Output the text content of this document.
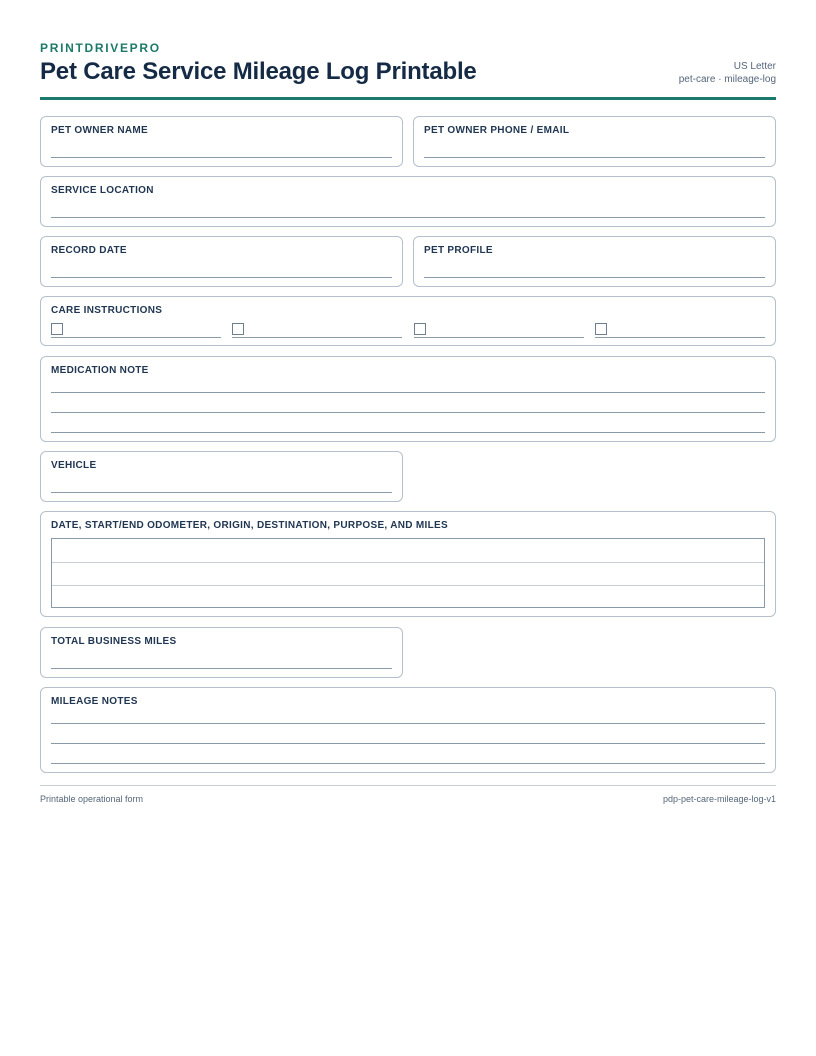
PRINTDRIVEPRO
Pet Care Service Mileage Log Printable	US Letter
pet-care · mileage-log
PET OWNER NAME	PET OWNER PHONE / EMAIL
SERVICE LOCATION
RECORD DATE	PET PROFILE
CARE INSTRUCTIONS
MEDICATION NOTE
VEHICLE
DATE, START/END ODOMETER, ORIGIN, DESTINATION, PURPOSE, AND MILES
TOTAL BUSINESS MILES
MILEAGE NOTES
Printable operational form	pdp-pet-care-mileage-log-v1
